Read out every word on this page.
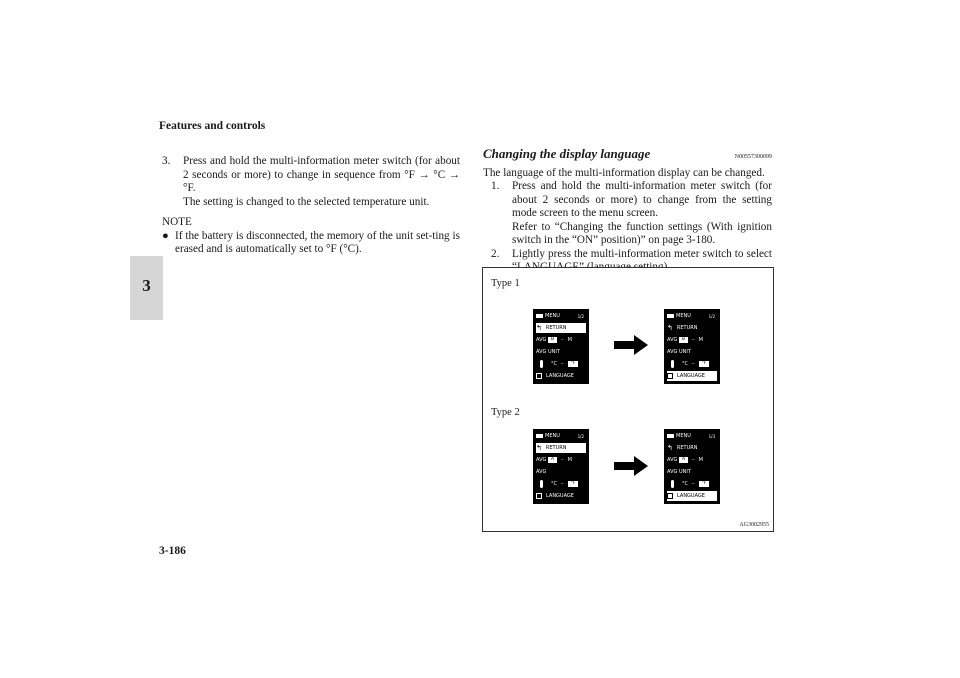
Features and controls
3
3-186
3. Press and hold the multi-information meter switch (for about 2 seconds or more) to change in sequence from °F → °C → °F.

The setting is changed to the selected temperature unit.

NOTE
● If the battery is disconnected, the memory of the unit set-ting is erased and is automatically set to °F (°C).
Changing the display language	N00557300099

The language of the multi-information display can be changed.

1. Press and hold the multi-information meter switch (for about 2 seconds or more) to change from the setting mode screen to the menu screen.

Refer to “Changing the function settings (With ignition switch in the “ON” position)” on page 3-180.

2. Lightly press the multi-information meter switch to select

Type 1
Type 2
MENU	1/2
↰ RETURN
AVG
	B	– M
AVG UNIT
°C –	°F
LANGUAGE
MENU	1/2
↰ RETURN
AVG
	B	– M
AVG UNIT
°C –	°F
LANGUAGE
MENU	1/2
↰ RETURN
AVG
	A	– M
AVG
°C –	°F
LANGUAGE
MENU	1/3
↰ RETURN
AVG
	A	– M
AVG UNIT
°C –	°F
LANGUAGE
AG3002955
